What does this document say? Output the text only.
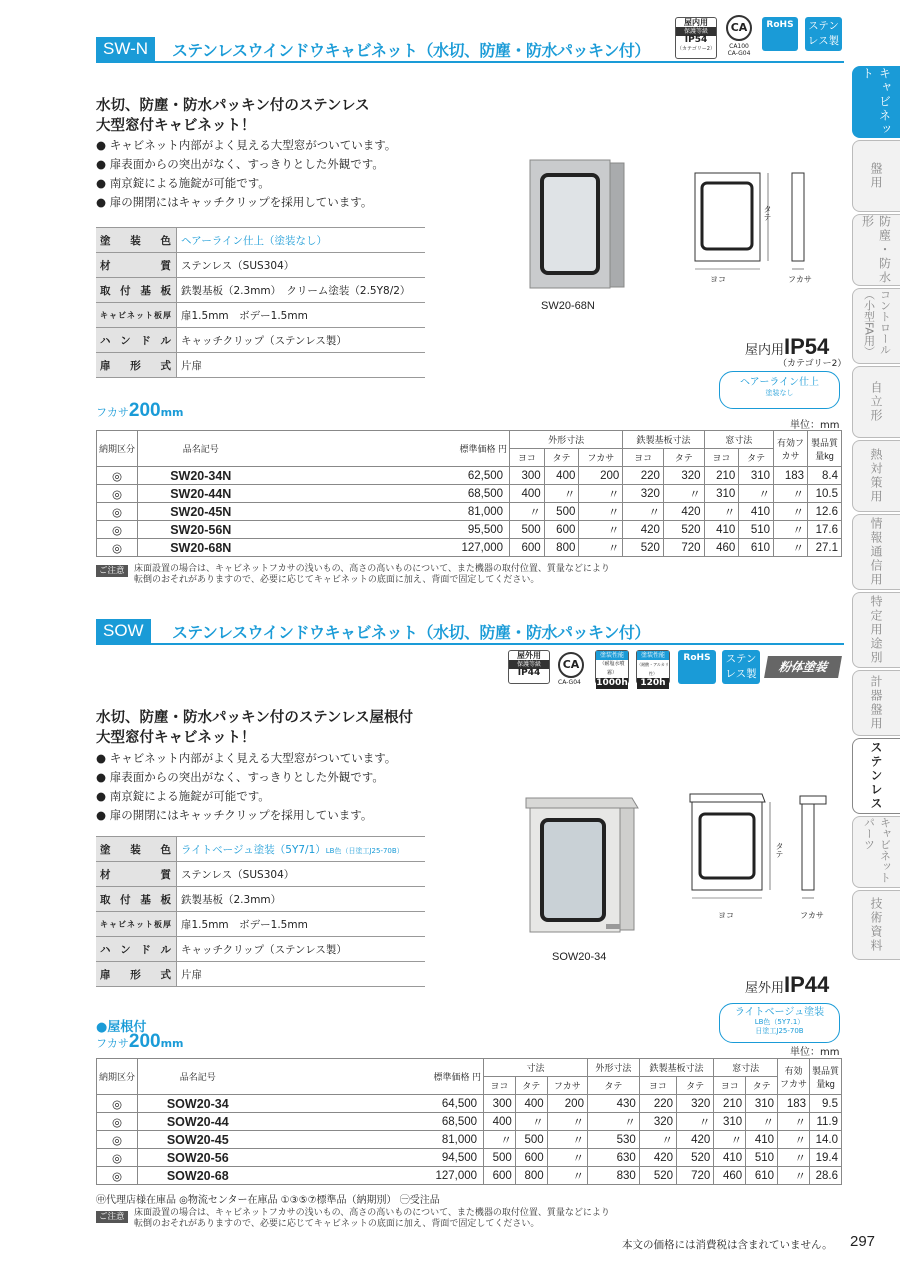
SW-N	ステンレスウインドウキャビネット（水切、防塵・防水パッキン付）
屋内用
保護等級
IP54
（カテゴリー2）
CA
CA100
CA-G04
RoHS	ステンレス製
水切、防塵・防水パッキン付のステンレス
大型窓付キャビネット！
● キャビネット内部がよく見える大型窓がついています。
● 扉表面からの突出がなく、すっきりとした外観です。
● 南京錠による施錠が可能です。
● 扉の開閉にはキャッチクリップを採用しています。
塗装色	ヘアーライン仕上（塗装なし）
材質	ステンレス（SUS304）
取付基板	鉄製基板（2.3mm）　クリーム塗装（2.5Y8/2）
キャビネット板厚	扉1.5mm　ボデー1.5mm
ハンドル	キャッチクリップ（ステンレス製）
扉形式	片扉
SW20-68N
タテ
ヨコ	フカサ
屋内用IP54
（カテゴリー2）
ヘアーライン仕上
塗装なし
フカサ200mm
単位：mm
納期区分	品名記号		標準価格 円	外形寸法			鉄製基板寸法		窓寸法		有効フカサ	製品質量kg
				ヨコ	タテ	フカサ	ヨコ	タテ	ヨコ	タテ		
◎	SW20-34N		62,500	300	400	200	220	320	210	310	183	8.4
◎	SW20-44N		68,500	400	〃	〃	320	〃	310	〃	〃	10.5
◎	SW20-45N		81,000	〃	500	〃	〃	420	〃	410	〃	12.6
◎	SW20-56N		95,500	500	600	〃	420	520	410	510	〃	17.6
◎	SW20-68N		127,000	600	800	〃	520	720	460	610	〃	27.1
ご注意	床面設置の場合は、キャビネットフカサの浅いもの、高さの高いものについて、また機器の取付位置、質量などにより
転倒のおそれがありますので、必要に応じてキャビネットの底面に加え、背面で固定してください。
SOW	ステンレスウインドウキャビネット（水切、防塵・防水パッキン付）
屋外用
保護等級
IP44
CA
CA-G04
塗装性能
（耐塩水噴霧）
1000h
塗装性能
（耐酸・アルカリ性）
120h
RoHS	ステンレス製	粉体塗装
水切、防塵・防水パッキン付のステンレス屋根付
大型窓付キャビネット！
● キャビネット内部がよく見える大型窓がついています。
● 扉表面からの突出がなく、すっきりとした外観です。
● 南京錠による施錠が可能です。
● 扉の開閉にはキャッチクリップを採用しています。
塗装色	ライトベージュ塗装（5Y7/1）LB色（日塗工J25-70B）
材質	ステンレス（SUS304）
取付基板	鉄製基板（2.3mm）
キャビネット板厚	扉1.5mm　ボデー1.5mm
ハンドル	キャッチクリップ（ステンレス製）
扉形式	片扉
SOW20-34
タテ
ヨコ	フカサ
屋外用IP44
ライトベージュ塗装
LB色（5Y7.1）
日塗工J25-70B
●屋根付
フカサ200mm
単位：mm
納期区分	品名記号		標準価格 円	寸法			外形寸法	鉄製基板寸法		窓寸法		有効フカサ	製品質量kg
				ヨコ	タテ	フカサ	タテ	ヨコ	タテ	ヨコ	タテ		
◎	SOW20-34		64,500	300	400	200	430	220	320	210	310	183	9.5
◎	SOW20-44		68,500	400	〃	〃	〃	320	〃	310	〃	〃	11.9
◎	SOW20-45		81,000	〃	500	〃	530	〃	420	〃	410	〃	14.0
◎	SOW20-56		94,500	500	600	〃	630	420	520	410	510	〃	19.4
◎	SOW20-68		127,000	600	800	〃	830	520	720	460	610	〃	28.6
㊥代理店様在庫品 ◎物流センター在庫品 ①③⑤⑦標準品（納期別） ㊀受注品
ご注意	床面設置の場合は、キャビネットフカサの浅いもの、高さの高いものについて、また機器の取付位置、質量などにより
転倒のおそれがありますので、必要に応じてキャビネットの底面に加え、背面で固定してください。
本文の価格には消費税は含まれていません。 297
キャビネット
盤用
防塵・防水形
コントロール（小型FA用）
自立形
熱対策用
情報通信用
特定用途別
計器盤用
ステンレス
キャビネットパーツ
技術資料
